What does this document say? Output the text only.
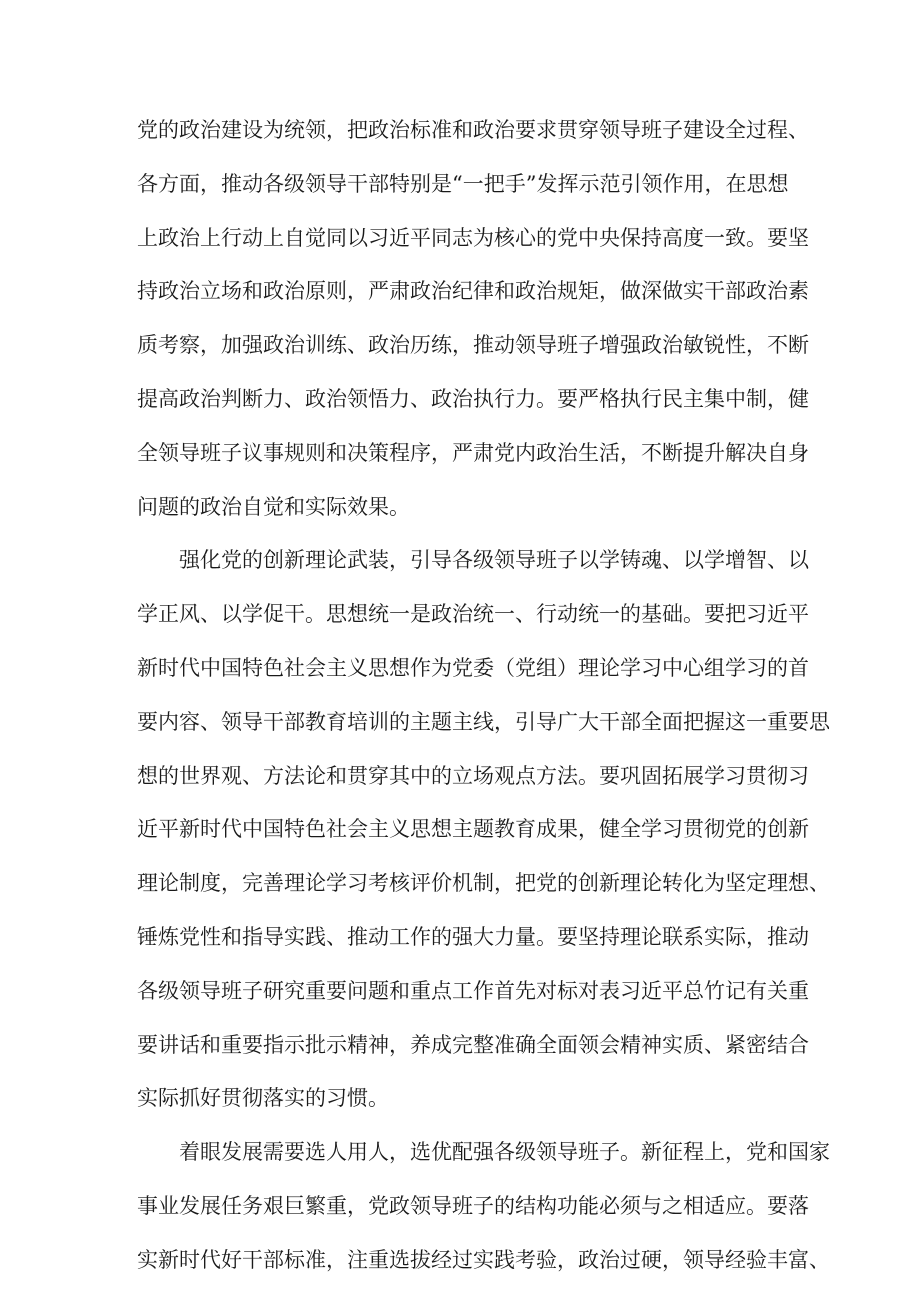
党的政治建设为统领，把政治标准和政治要求贯穿领导班子建设全过程、
各方面，推动各级领导干部特别是“一把手”发挥示范引领作用，在思想
上政治上行动上自觉同以习近平同志为核心的党中央保持高度一致。要坚
持政治立场和政治原则，严肃政治纪律和政治规矩，做深做实干部政治素
质考察，加强政治训练、政治历练，推动领导班子增强政治敏锐性，不断
提高政治判断力、政治领悟力、政治执行力。要严格执行民主集中制，健
全领导班子议事规则和决策程序，严肃党内政治生活，不断提升解决自身
问题的政治自觉和实际效果。
强化党的创新理论武装，引导各级领导班子以学铸魂、以学增智、以
学正风、以学促干。思想统一是政治统一、行动统一的基础。要把习近平
新时代中国特色社会主义思想作为党委（党组）理论学习中心组学习的首
要内容、领导干部教育培训的主题主线，引导广大干部全面把握这一重要思
想的世界观、方法论和贯穿其中的立场观点方法。要巩固拓展学习贯彻习
近平新时代中国特色社会主义思想主题教育成果，健全学习贯彻党的创新
理论制度，完善理论学习考核评价机制，把党的创新理论转化为坚定理想、
锤炼党性和指导实践、推动工作的强大力量。要坚持理论联系实际，推动
各级领导班子研究重要问题和重点工作首先对标对表习近平总竹记有关重
要讲话和重要指示批示精神，养成完整准确全面领会精神实质、紧密结合
实际抓好贯彻落实的习惯。
着眼发展需要选人用人，选优配强各级领导班子。新征程上，党和国家
事业发展任务艰巨繁重，党政领导班子的结构功能必须与之相适应。要落
实新时代好干部标准，注重选拔经过实践考验，政治过硬，领导经验丰富、
